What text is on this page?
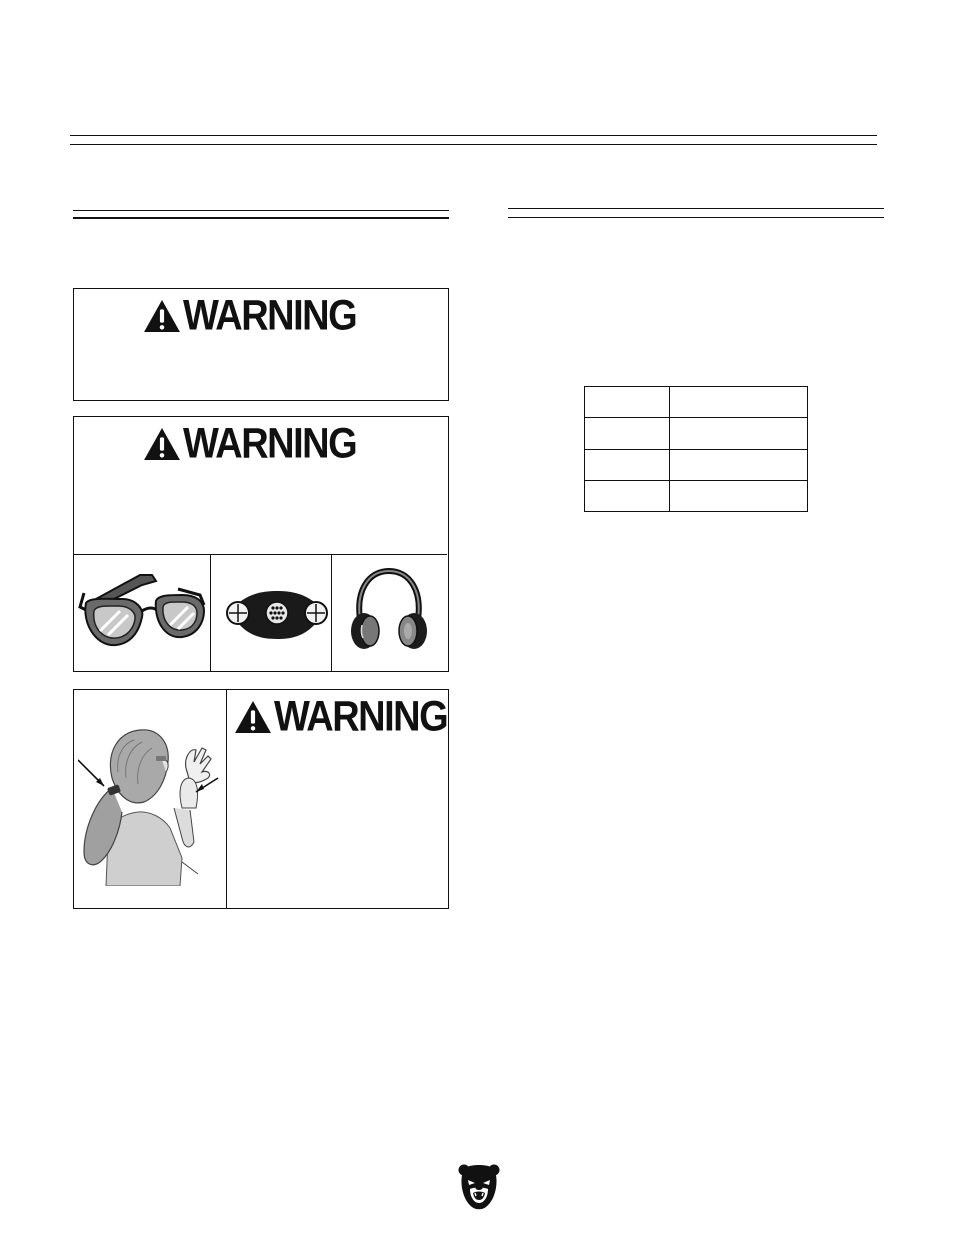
WARNING
WARNING
WARNING
